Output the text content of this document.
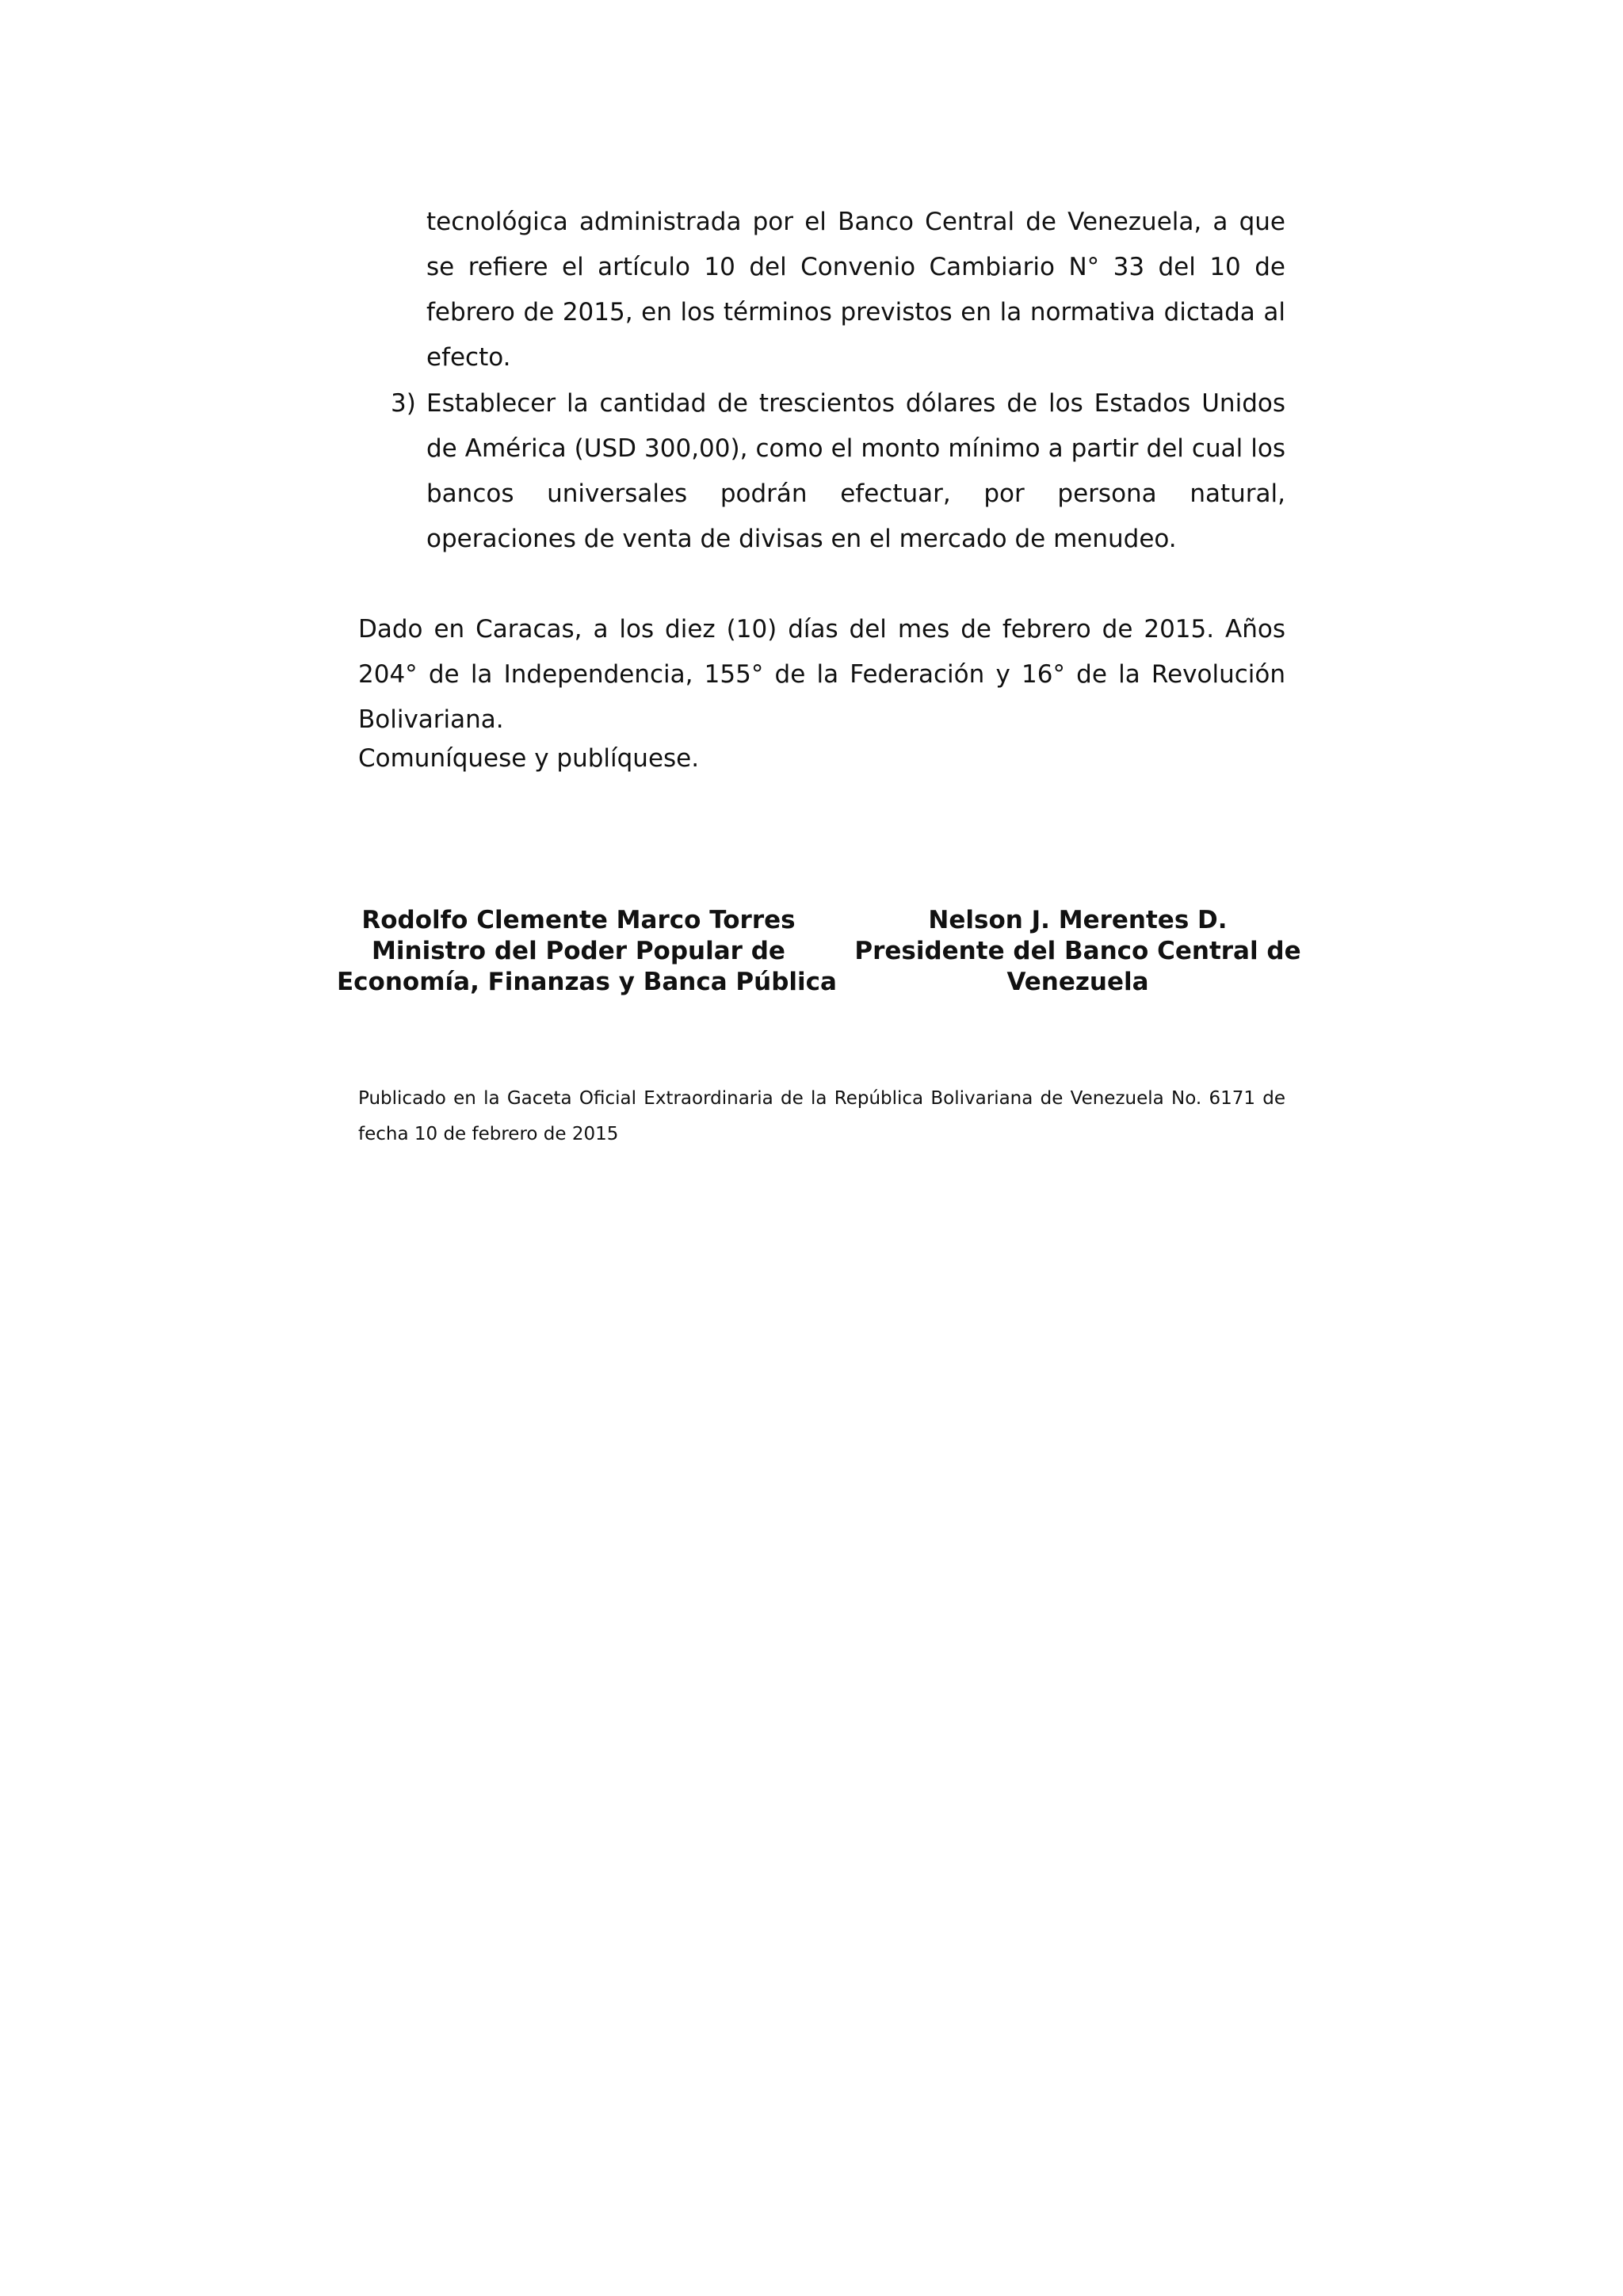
tecnológica administrada por el Banco Central de Venezuela, a que se refiere el artículo 10 del Convenio Cambiario N° 33 del 10 de febrero de 2015, en los términos previstos en la normativa dictada al efecto.

3) Establecer la cantidad de trescientos dólares de los Estados Unidos de América (USD 300,00), como el monto mínimo a partir del cual los bancos universales podrán efectuar, por persona natural, operaciones de venta de divisas en el mercado de menudeo.

Dado en Caracas, a los diez (10) días del mes de febrero de 2015. Años 204° de la Independencia, 155° de la Federación y 16° de la Revolución Bolivariana.

Comuníquese y publíquese.

Rodolfo Clemente Marco Torres
Ministro del Poder Popular de
Economía, Finanzas y Banca Pública
Nelson J. Merentes D.
Presidente del Banco Central de
Venezuela

Publicado en la Gaceta Oficial Extraordinaria de la República Bolivariana de Venezuela No. 6171 de fecha 10 de febrero de 2015
